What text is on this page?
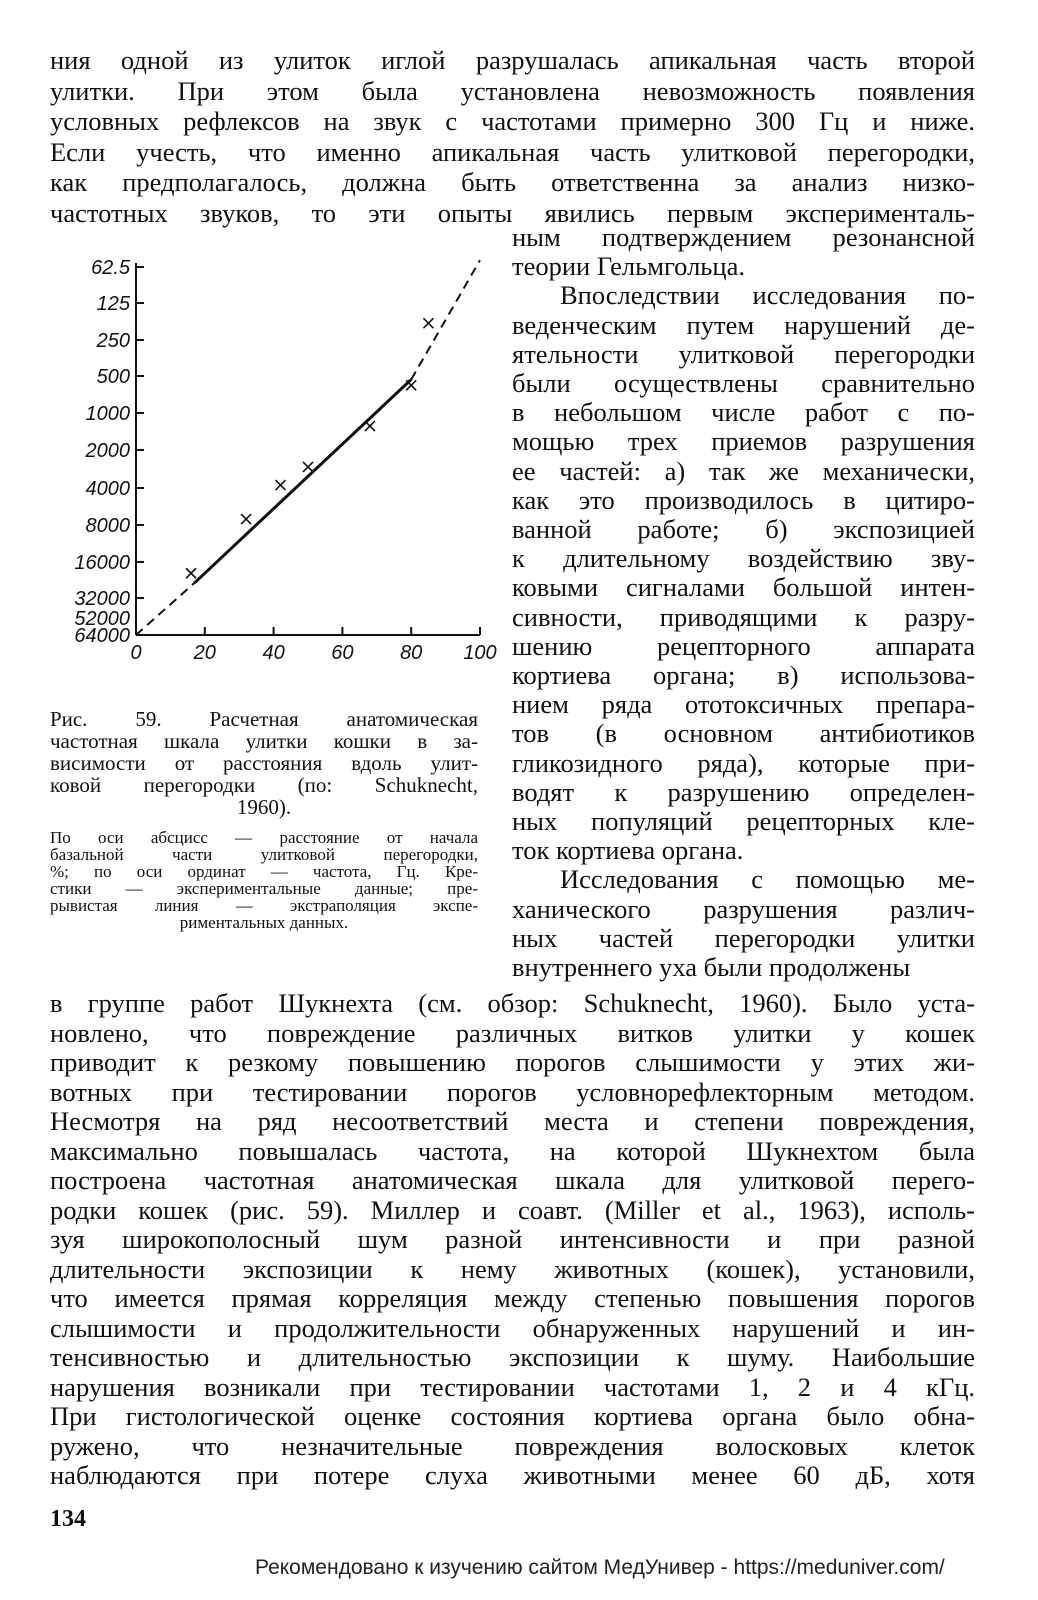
ния одной из улиток иглой разрушалась апикальная часть второй
улитки. При этом была установлена невозможность появления
условных рефлексов на звук с частотами примерно 300 Гц и ниже.
Если учесть, что именно апикальная часть улитковой перегородки,
как предполагалось, должна быть ответственна за анализ низко-
частотных звуков, то эти опыты явились первым эксперименталь-
ным подтверждением резонансной
теории Гельмгольца.
Впоследствии исследования по-
веденческим путем нарушений де-
ятельности улитковой перегородки
были осуществлены сравнительно
в небольшом числе работ с по-
мощью трех приемов разрушения
ее частей: а) так же механически,
как это производилось в цитиро-
ванной работе; б) экспозицией
к длительному воздействию зву-
ковыми сигналами большой интен-
сивности, приводящими к разру-
шению рецепторного аппарата
кортиева органа; в) использова-
нием ряда ототоксичных препара-
тов (в основном антибиотиков
гликозидного ряда), которые при-
водят к разрушению определен-
ных популяций рецепторных кле-
ток кортиева органа.
Исследования с помощью ме-
ханического разрушения различ-
ных частей перегородки улитки
внутреннего уха были продолжены
62.5
125
250
500
1000
2000
4000
8000
16000
32000
52000
64000
0	20 40 60 80 100
Рис. 59. Расчетная анатомическая
частотная шкала улитки кошки в за-
висимости от расстояния вдоль улит-
ковой перегородки (по: Schuknecht,
1960).
По оси абсцисс — расстояние от начала
базальной части улитковой перегородки,
%; по оси ординат — частота, Гц. Кре-
стики — экспериментальные данные; пре-
рывистая линия — экстраполяция экспе-
риментальных данных.
в группе работ Шукнехта (см. обзор: Schuknecht, 1960). Было уста-
новлено, что повреждение различных витков улитки у кошек
приводит к резкому повышению порогов слышимости у этих жи-
вотных при тестировании порогов условнорефлекторным методом.
Несмотря на ряд несоответствий места и степени повреждения,
максимально повышалась частота, на которой Шукнехтом была
построена частотная анатомическая шкала для улитковой перего-
родки кошек (рис. 59). Миллер и соавт. (Miller et al., 1963), исполь-
зуя широкополосный шум разной интенсивности и при разной
длительности экспозиции к нему животных (кошек), установили,
что имеется прямая корреляция между степенью повышения порогов
слышимости и продолжительности обнаруженных нарушений и ин-
тенсивностью и длительностью экспозиции к шуму. Наибольшие
нарушения возникали при тестировании частотами 1, 2 и 4 кГц.
При гистологической оценке состояния кортиева органа было обна-
ружено, что незначительные повреждения волосковых клеток
наблюдаются при потере слуха животными менее 60 дБ, хотя
134
Рекомендовано к изучению сайтом МедУнивер - https://meduniver.com/
